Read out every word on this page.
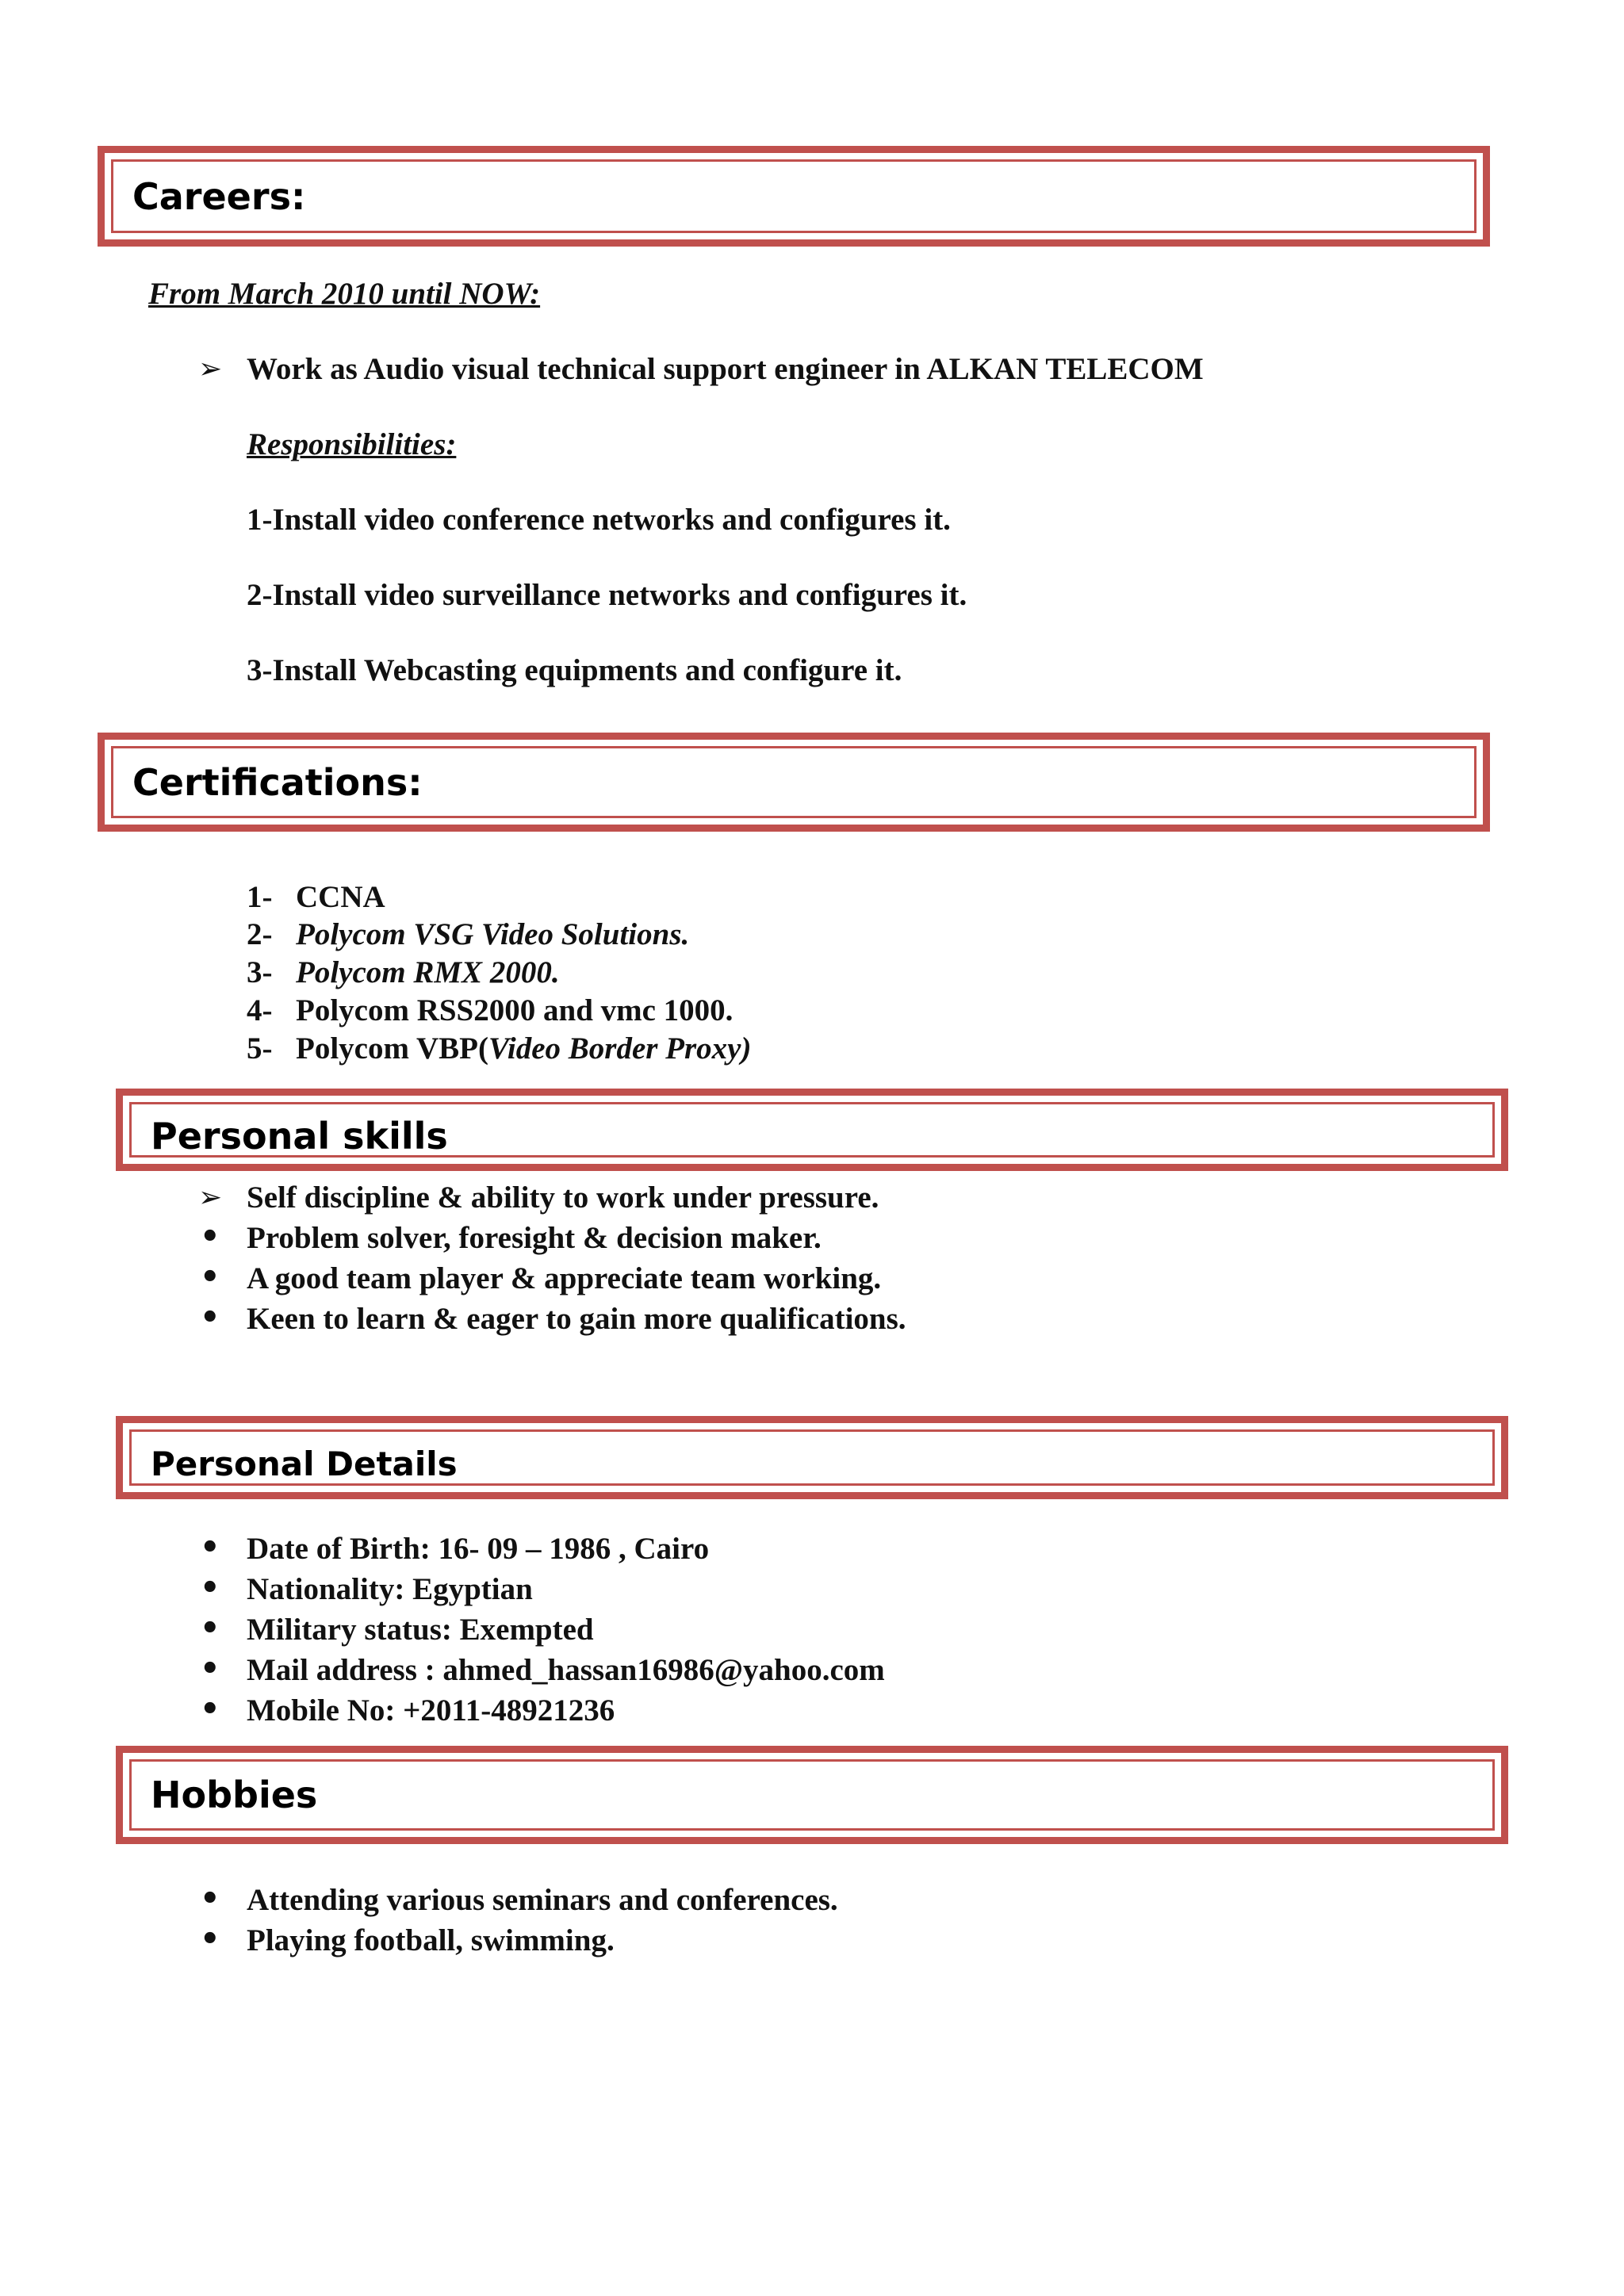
Careers:
From March 2010 until NOW:
➢ Work as Audio visual technical support engineer in ALKAN TELECOM
Responsibilities:
1-Install video conference networks and configures it.
2-Install video surveillance networks and configures it.
3-Install Webcasting equipments and configure it.
Certifications:
1- CCNA
2- Polycom VSG Video Solutions.
3- Polycom RMX 2000.
4- Polycom RSS2000 and vmc 1000.
5- Polycom VBP(Video Border Proxy)
Personal skills
➢ Self discipline & ability to work under pressure.
• Problem solver, foresight & decision maker.
• A good team player & appreciate team working.
• Keen to learn & eager to gain more qualifications.
Personal Details
• Date of Birth: 16- 09 – 1986 , Cairo
• Nationality: Egyptian
• Military status: Exempted
• Mail address : ahmed_hassan16986@yahoo.com
• Mobile No: +2011-48921236
Hobbies
• Attending various seminars and conferences.
• Playing football, swimming.
